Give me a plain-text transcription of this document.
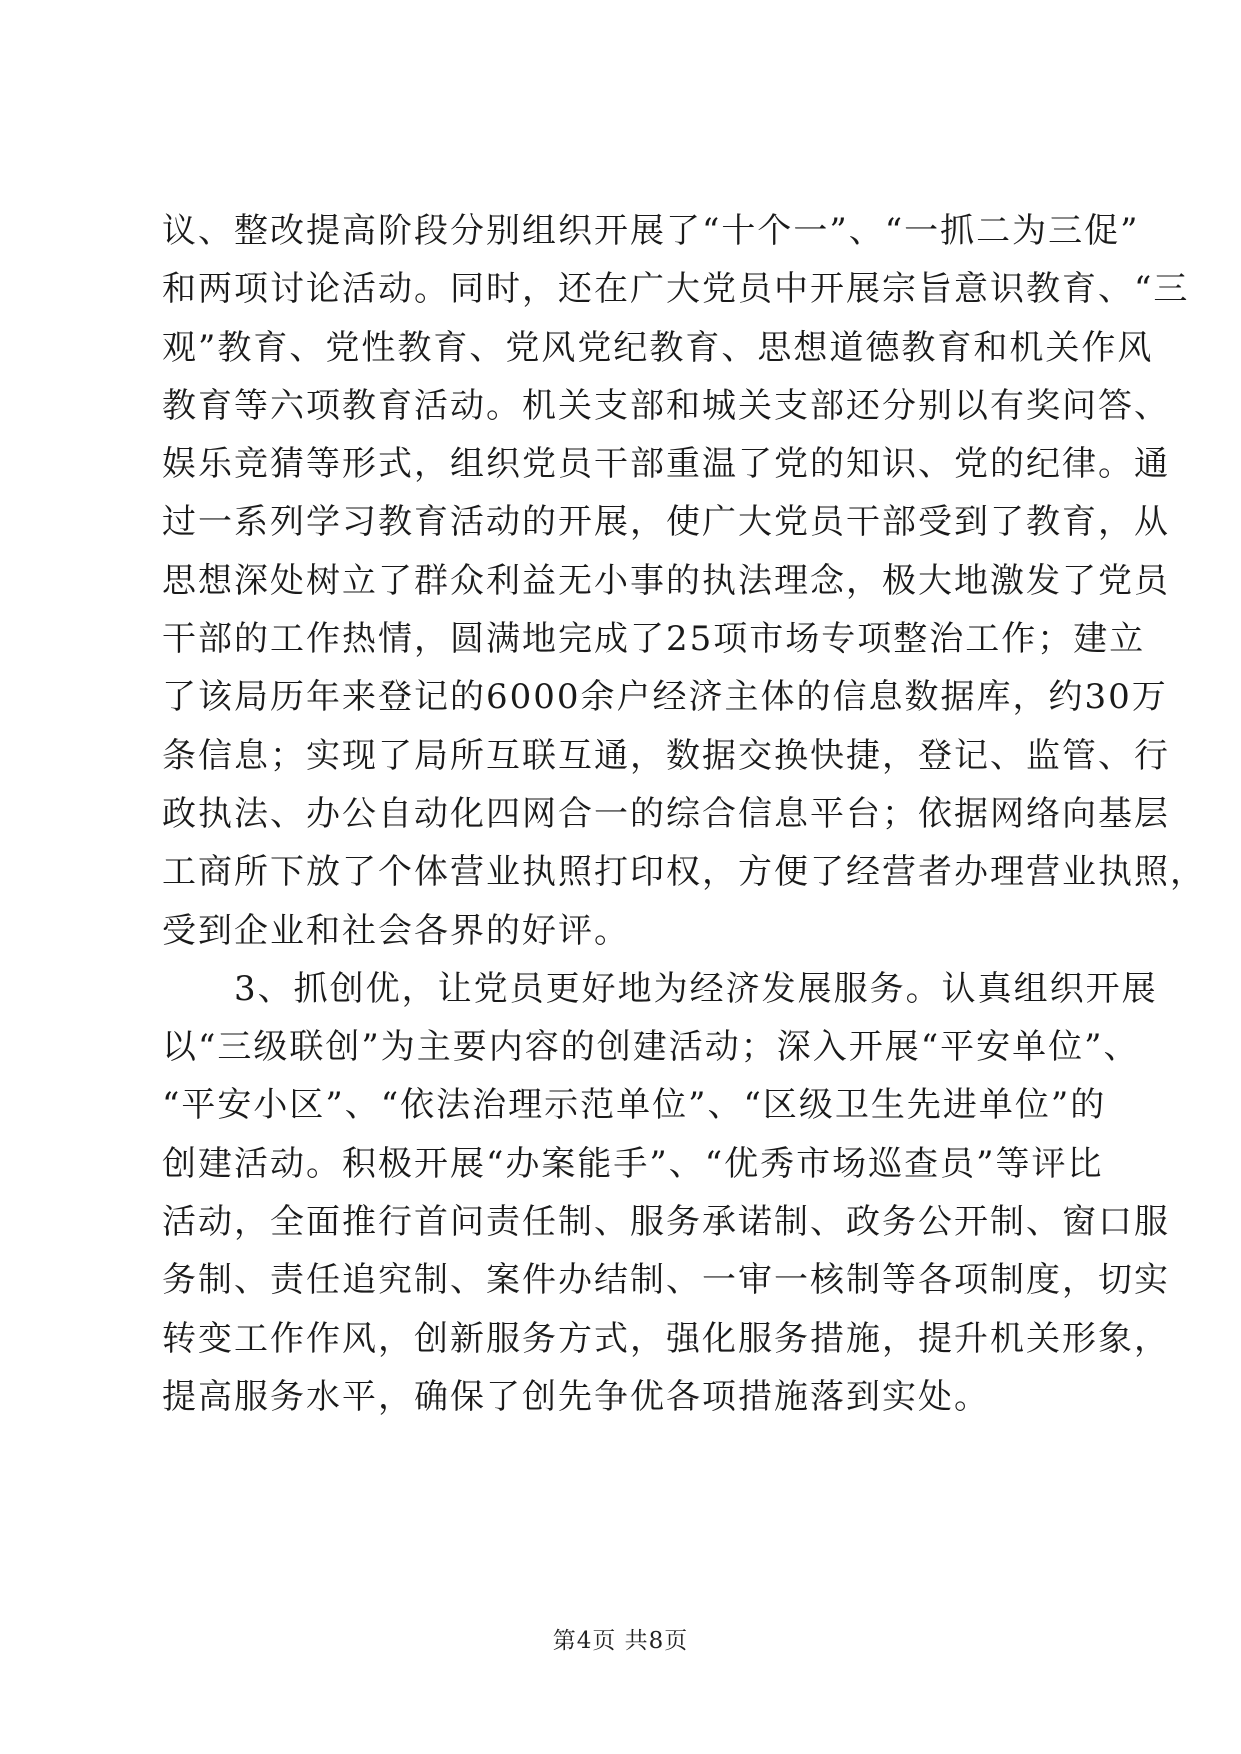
议、整改提高阶段分别组织开展了“十个一”、“一抓二为三促”
和两项讨论活动。同时，还在广大党员中开展宗旨意识教育、“三
观”教育、党性教育、党风党纪教育、思想道德教育和机关作风
教育等六项教育活动。机关支部和城关支部还分别以有奖问答、
娱乐竞猜等形式，组织党员干部重温了党的知识、党的纪律。通
过一系列学习教育活动的开展，使广大党员干部受到了教育，从
思想深处树立了群众利益无小事的执法理念，极大地激发了党员
干部的工作热情，圆满地完成了25项市场专项整治工作；建立
了该局历年来登记的6000余户经济主体的信息数据库，约30万
条信息；实现了局所互联互通，数据交换快捷，登记、监管、行
政执法、办公自动化四网合一的综合信息平台；依据网络向基层
工商所下放了个体营业执照打印权，方便了经营者办理营业执照，
受到企业和社会各界的好评。
　　3、抓创优，让党员更好地为经济发展服务。认真组织开展
以“三级联创”为主要内容的创建活动；深入开展“平安单位”、
“平安小区”、“依法治理示范单位”、“区级卫生先进单位”的
创建活动。积极开展“办案能手”、“优秀市场巡查员”等评比
活动，全面推行首问责任制、服务承诺制、政务公开制、窗口服
务制、责任追究制、案件办结制、一审一核制等各项制度，切实
转变工作作风，创新服务方式，强化服务措施，提升机关形象，
提高服务水平，确保了创先争优各项措施落到实处。
第4页 共8页
